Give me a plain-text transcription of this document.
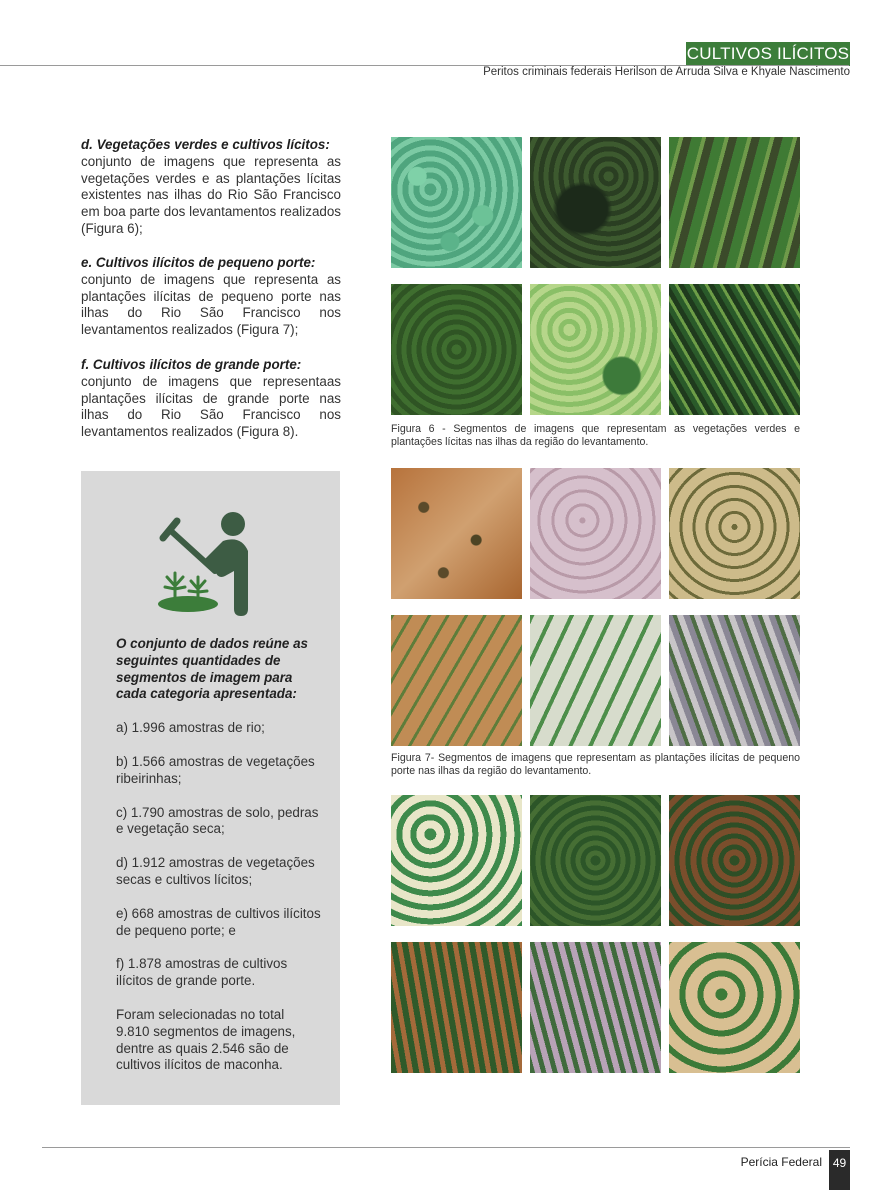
CULTIVOS ILÍCITOS
Peritos criminais federais Herilson de Arruda Silva e Khyale Nascimento
d. Vegetações verdes e cultivos lícitos:
conjunto de imagens que representa as vegetações verdes e as plantações lícitas existentes nas ilhas do Rio São Francisco em boa parte dos levantamentos realizados (Figura 6);
e. Cultivos ilícitos de pequeno porte:
conjunto de imagens que representa as plantações ilícitas de pequeno porte nas ilhas do Rio São Francisco nos levantamentos realizados (Figura 7);
f. Cultivos ilícitos de grande porte:
conjunto de imagens que representaas plantações ilícitas de grande porte nas ilhas do Rio São Francisco nos levantamentos realizados (Figura 8).	Figura 6 - Segmentos de imagens que representam as vegetações verdes e plantações lícitas nas ilhas da região do levantamento.
O conjunto de dados reúne as seguintes quantidades de segmentos de imagem para cada categoria apresentada:
a) 1.996 amostras de rio;
b) 1.566 amostras de vegetações ribeirinhas;
c) 1.790 amostras de solo, pedras e vegetação seca;
d) 1.912 amostras de vegetações secas e cultivos lícitos;
e) 668 amostras de cultivos ilícitos de pequeno porte; e
f) 1.878 amostras de cultivos ilícitos de grande porte.
Foram selecionadas no total 9.810 segmentos de imagens, dentre as quais 2.546 são de cultivos ilícitos de maconha.
Figura 7- Segmentos de imagens que representam as plantações ilícitas de pequeno porte nas ilhas da região do levantamento.
Perícia Federal 49
